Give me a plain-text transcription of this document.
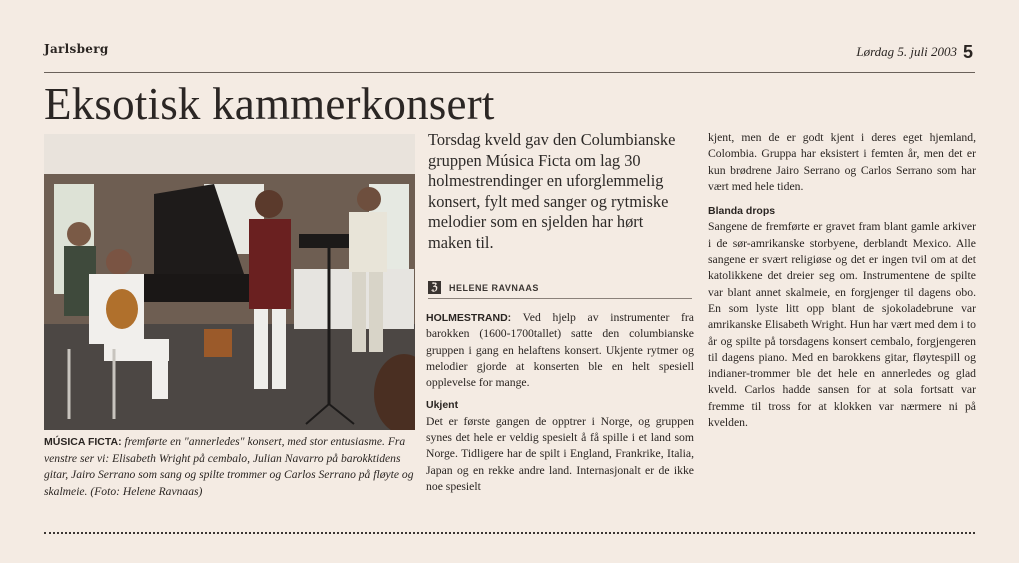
Jarlsberg	Lørdag 5. juli 2003 5
Eksotisk kammerkonsert
MÚSICA FICTA: fremførte en "annerledes" konsert, med stor entusiasme. Fra venstre ser vi: Elisabeth Wright på cembalo, Julian Navarro på barokktidens gitar, Jairo Serrano som sang og spilte trommer og Carlos Serrano på fløyte og skalmeie. (Foto: Helene Ravnaas)
Torsdag kveld gav den Columbianske gruppen Música Ficta om lag 30 holmestrendinger en uforglemmelig konsert, fylt med sanger og rytmiske melodier som en sjelden har hørt maken til.
ℨ	HELENE RAVNAAS

HOLMESTRAND: Ved hjelp av instrumenter fra barokken (1600-1700tallet) satte den columbianske gruppen i gang en helaftens konsert. Ukjente rytmer og melodier gjorde at konserten ble en helt spesiell opplevelse for mange.

Ukjent

Det er første gangen de opptrer i Norge, og gruppen synes det hele er veldig spesielt å få spille i et land som Norge. Tidligere har de spilt i England, Frankrike, Italia, Japan og en rekke andre land. Internasjonalt er de ikke noe spesielt

kjent, men de er godt kjent i deres eget hjemland, Colombia. Gruppa har eksistert i femten år, men det er kun brødrene Jairo Serrano og Carlos Serrano som har vært med hele tiden.

Blanda drops

Sangene de fremførte er gravet fram blant gamle arkiver i de sør-amrikanske storbyene, derblandt Mexico. Alle sangene er svært religiøse og det er ingen tvil om at det katolikkene det dreier seg om. Instrumentene de spilte var blant annet skalmeie, en forgjenger til dagens obo. En som lyste litt opp blant de sjokoladebrune var amrikanske Elisabeth Wright. Hun har vært med dem i to år og spilte på torsdagens konsert cembalo, forgjengeren til dagens piano. Med en barokkens gitar, fløytespill og indianer-trommer ble det hele en annerledes og glad kveld. Carlos hadde sansen for at sola fortsatt var fremme til tross for at klokken var nærmere ni på kvelden.
